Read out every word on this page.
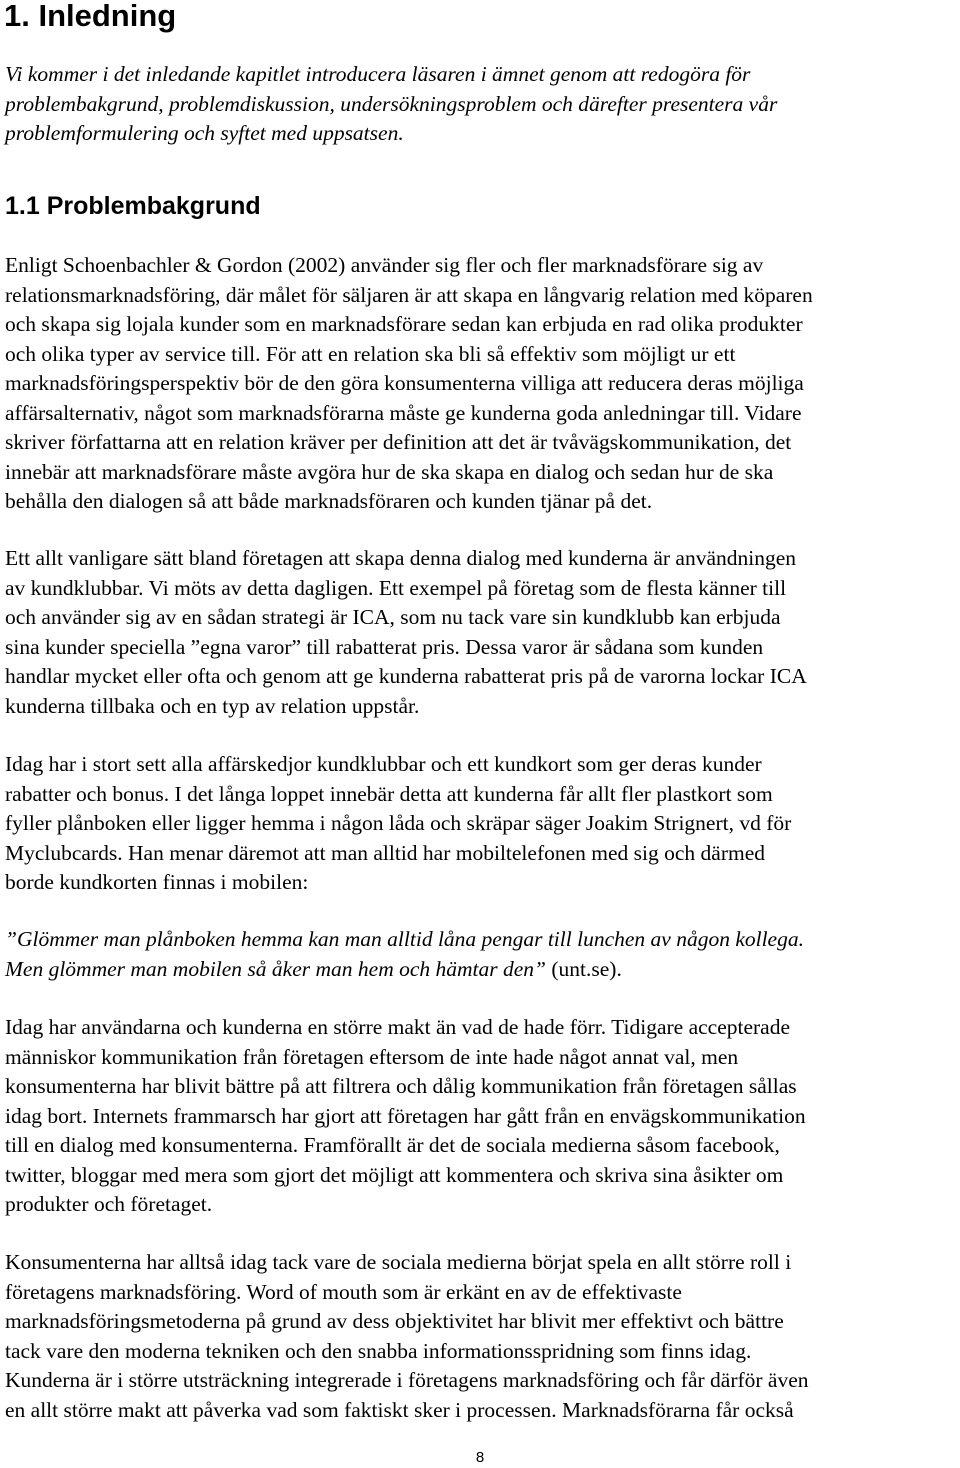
1. Inledning

Vi kommer i det inledande kapitlet introducera läsaren i ämnet genom att redogöra för
problembakgrund, problemdiskussion, undersökningsproblem och därefter presentera vår
problemformulering och syftet med uppsatsen.

1.1 Problembakgrund

Enligt Schoenbachler & Gordon (2002) använder sig fler och fler marknadsförare sig av
relationsmarknadsföring, där målet för säljaren är att skapa en långvarig relation med köparen
och skapa sig lojala kunder som en marknadsförare sedan kan erbjuda en rad olika produkter
och olika typer av service till. För att en relation ska bli så effektiv som möjligt ur ett
marknadsföringsperspektiv bör de den göra konsumenterna villiga att reducera deras möjliga
affärsalternativ, något som marknadsförarna måste ge kunderna goda anledningar till. Vidare
skriver författarna att en relation kräver per definition att det är tvåvägskommunikation, det
innebär att marknadsförare måste avgöra hur de ska skapa en dialog och sedan hur de ska
behålla den dialogen så att både marknadsföraren och kunden tjänar på det.

Ett allt vanligare sätt bland företagen att skapa denna dialog med kunderna är användningen
av kundklubbar. Vi möts av detta dagligen. Ett exempel på företag som de flesta känner till
och använder sig av en sådan strategi är ICA, som nu tack vare sin kundklubb kan erbjuda
sina kunder speciella ”egna varor” till rabatterat pris. Dessa varor är sådana som kunden
handlar mycket eller ofta och genom att ge kunderna rabatterat pris på de varorna lockar ICA
kunderna tillbaka och en typ av relation uppstår.

Idag har i stort sett alla affärskedjor kundklubbar och ett kundkort som ger deras kunder
rabatter och bonus. I det långa loppet innebär detta att kunderna får allt fler plastkort som
fyller plånboken eller ligger hemma i någon låda och skräpar säger Joakim Strignert, vd för
Myclubcards. Han menar däremot att man alltid har mobiltelefonen med sig och därmed
borde kundkorten finnas i mobilen:

”Glömmer man plånboken hemma kan man alltid låna pengar till lunchen av någon kollega.
Men glömmer man mobilen så åker man hem och hämtar den” (unt.se).

Idag har användarna och kunderna en större makt än vad de hade förr. Tidigare accepterade
människor kommunikation från företagen eftersom de inte hade något annat val, men
konsumenterna har blivit bättre på att filtrera och dålig kommunikation från företagen sållas
idag bort. Internets frammarsch har gjort att företagen har gått från en envägskommunikation
till en dialog med konsumenterna. Framförallt är det de sociala medierna såsom facebook,
twitter, bloggar med mera som gjort det möjligt att kommentera och skriva sina åsikter om
produkter och företaget.

Konsumenterna har alltså idag tack vare de sociala medierna börjat spela en allt större roll i
företagens marknadsföring. Word of mouth som är erkänt en av de effektivaste
marknadsföringsmetoderna på grund av dess objektivitet har blivit mer effektivt och bättre
tack vare den moderna tekniken och den snabba informationsspridning som finns idag.
Kunderna är i större utsträckning integrerade i företagens marknadsföring och får därför även
en allt större makt att påverka vad som faktiskt sker i processen. Marknadsförarna får också

8
